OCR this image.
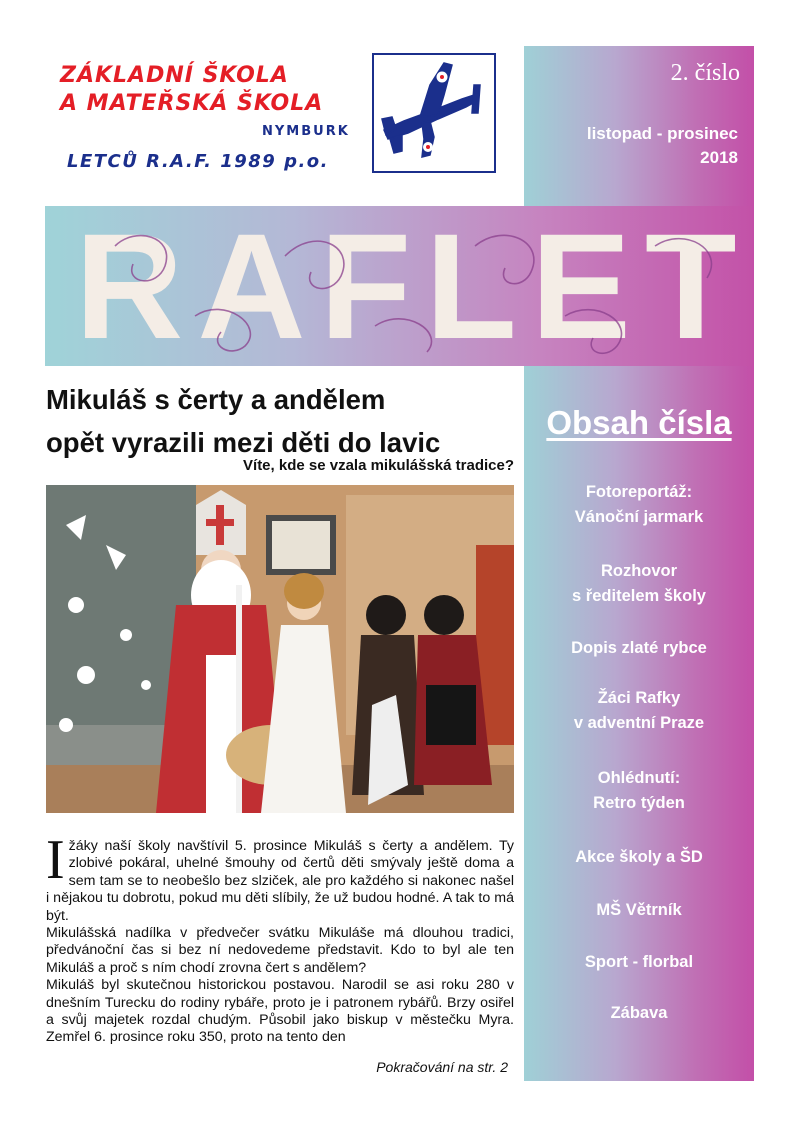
ZÁKLADNÍ ŠKOLA
A MATEŘSKÁ ŠKOLA
NYMBURK
LETCŮ R.A.F. 1989 p.o.
2. číslo
listopad - prosinec
2018
RAFLET
Mikuláš s čerty a andělem
opět vyrazili mezi děti do lavic
Víte, kde se vzala mikulášská tradice?

Ižáky naší školy navštívil 5. prosince Mikuláš s čerty a andělem. Ty zlobivé pokáral, uhelné šmouhy od čertů děti smývaly ještě doma a sem tam se to neobešlo bez slziček, ale pro každého si nakonec našel i nějakou tu dobrotu, pokud mu děti slíbily, že už budou hodné. A tak to má být.

Mikulášská nadílka v předvečer svátku Mikuláše má dlouhou tradici, předvánoční čas si bez ní nedovedeme představit. Kdo to byl ale ten Mikuláš a proč s ním chodí zrovna čert s andělem?

Mikuláš byl skutečnou historickou postavou. Narodil se asi roku 280 v dnešním Turecku do rodiny rybáře, proto je i patronem rybářů. Brzy osiřel a svůj majetek rozdal chudým. Působil jako biskup v městečku Myra. Zemřel 6. prosince roku 350, proto na tento den

Pokračování na str. 2
Obsah čísla
Fotoreportáž:
Vánoční jarmark
Rozhovor
s ředitelem školy
Dopis zlaté rybce
Žáci Rafky
v adventní Praze
Ohlédnutí:
Retro týden
Akce školy a ŠD
MŠ Větrník
Sport - florbal
Zábava
